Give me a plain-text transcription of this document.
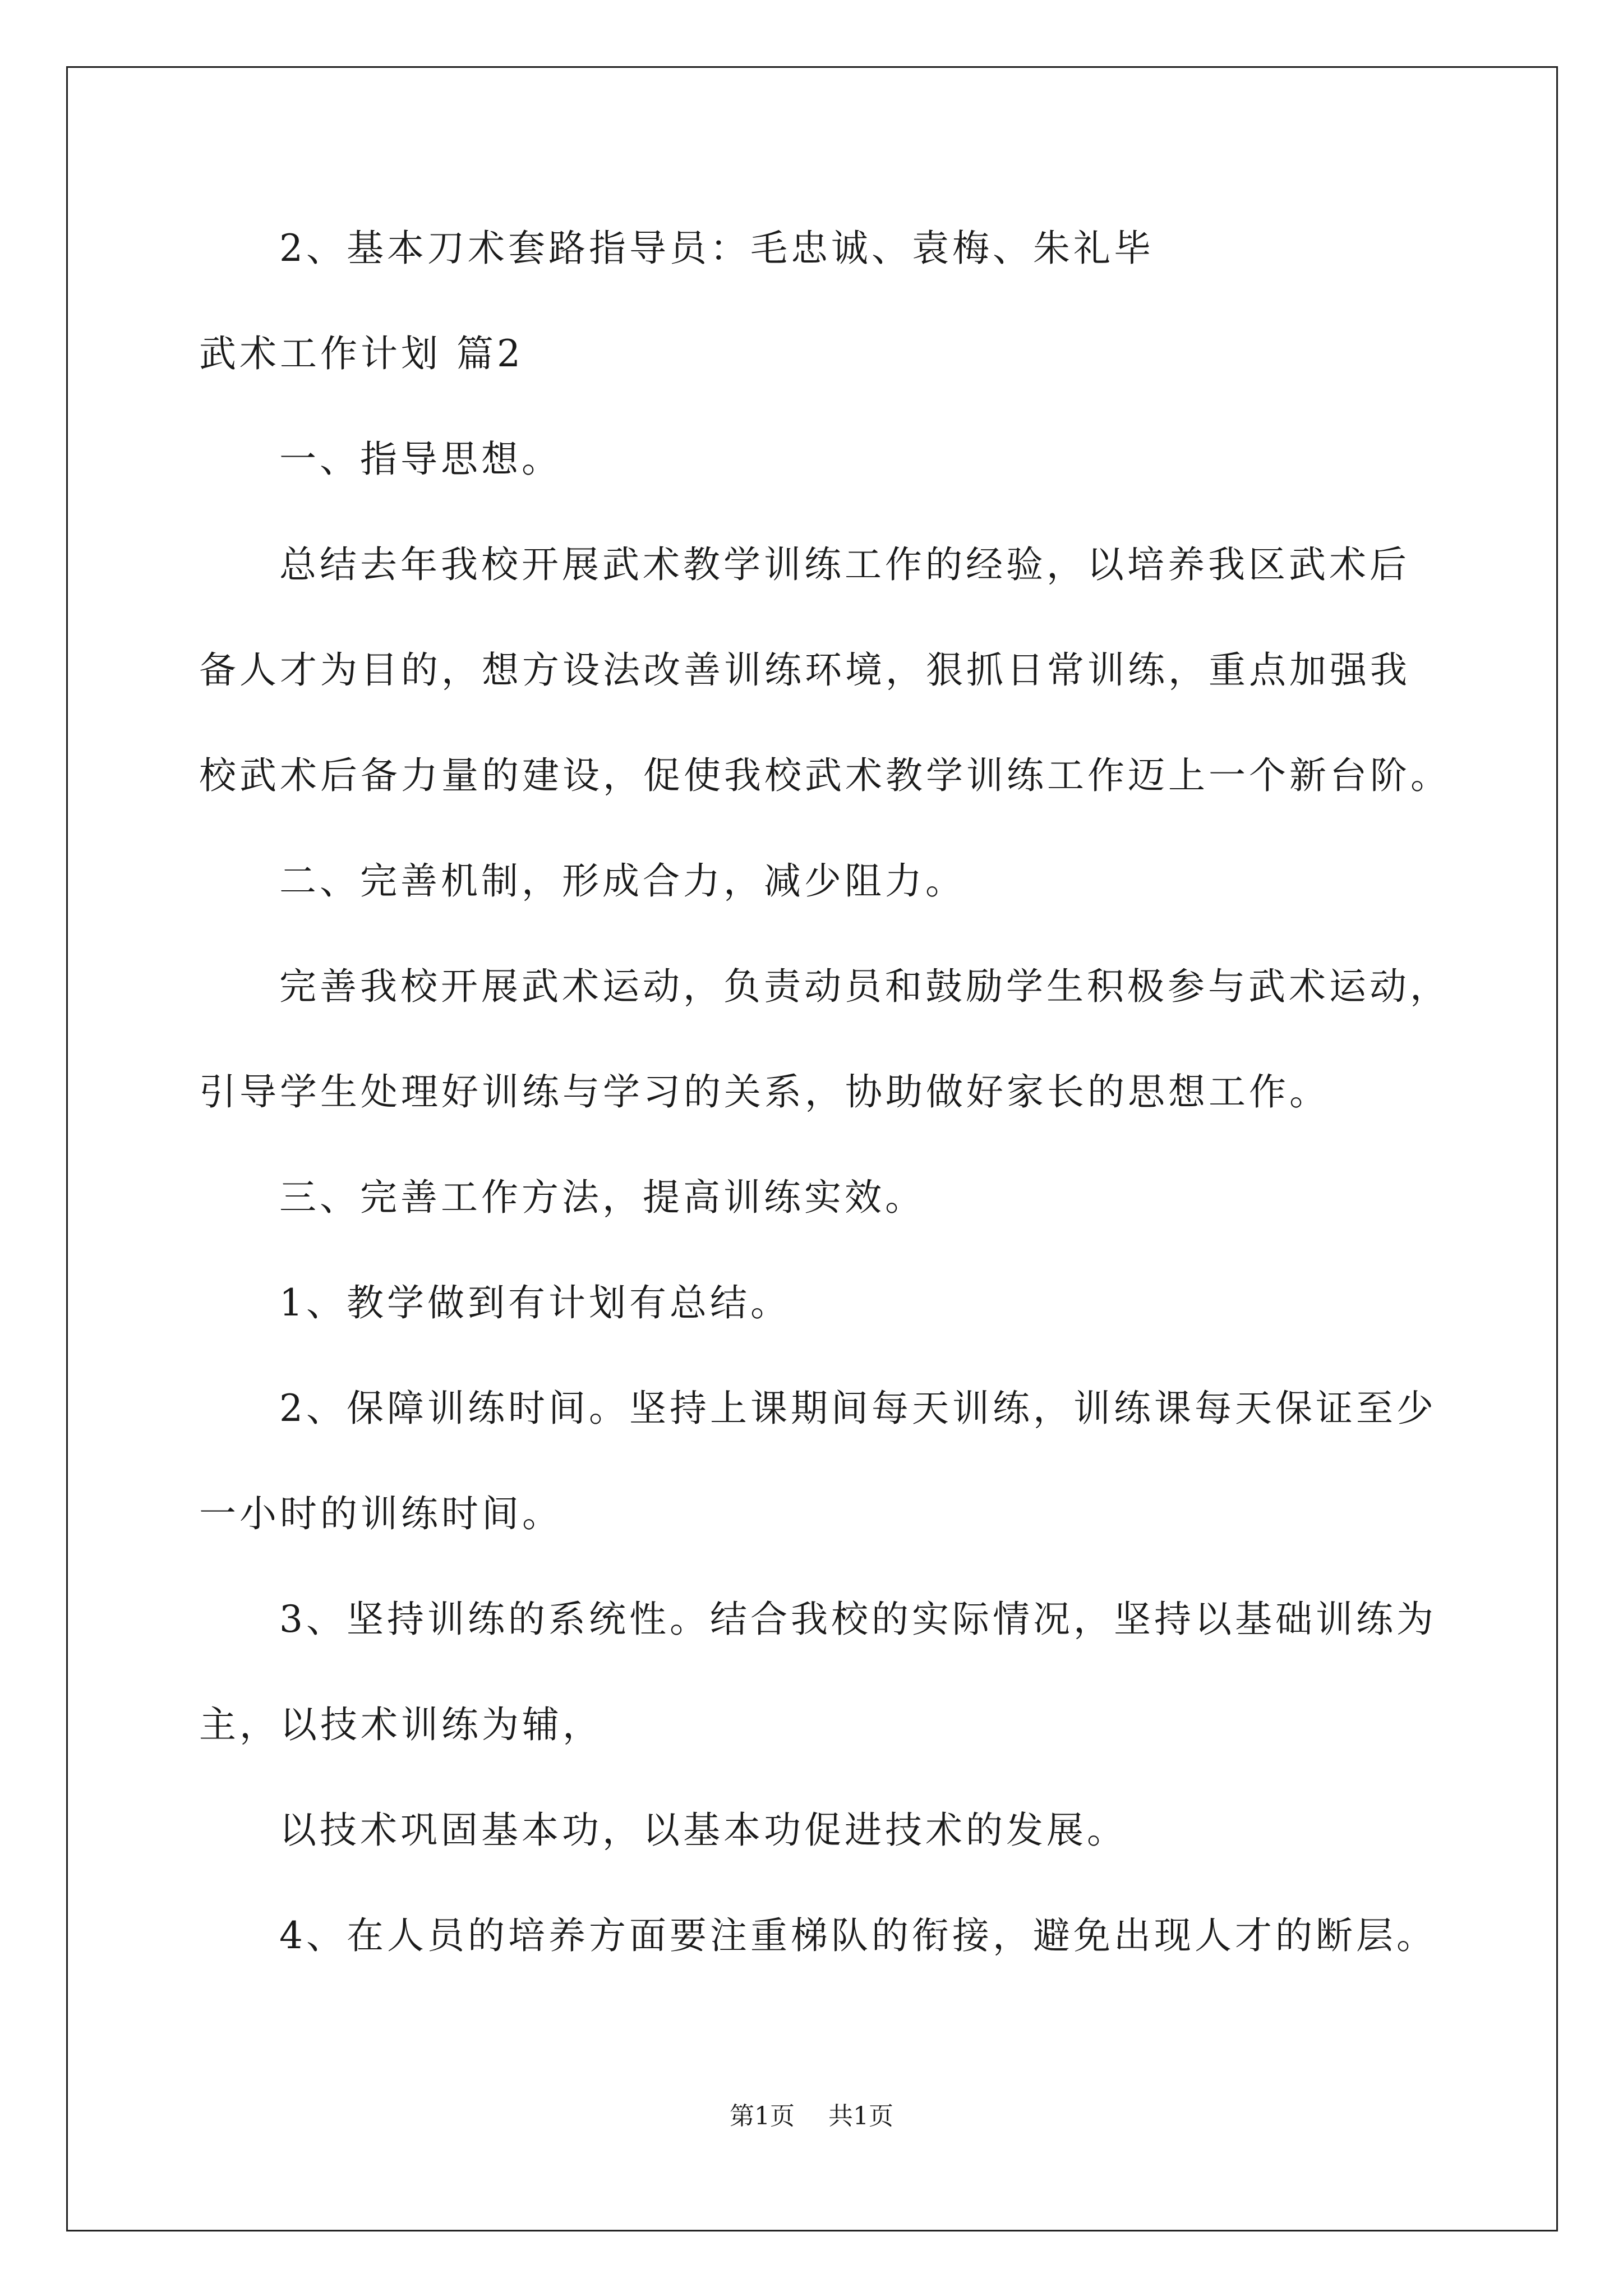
2、基本刀术套路指导员：毛忠诚、袁梅、朱礼毕

武术工作计划 篇2

一、指导思想。

总结去年我校开展武术教学训练工作的经验，以培养我区武术后

备人才为目的，想方设法改善训练环境，狠抓日常训练，重点加强我

校武术后备力量的建设，促使我校武术教学训练工作迈上一个新台阶。

二、完善机制，形成合力，减少阻力。

完善我校开展武术运动，负责动员和鼓励学生积极参与武术运动，

引导学生处理好训练与学习的关系，协助做好家长的思想工作。

三、完善工作方法，提高训练实效。

1、教学做到有计划有总结。

2、保障训练时间。坚持上课期间每天训练，训练课每天保证至少

一小时的训练时间。

3、坚持训练的系统性。结合我校的实际情况，坚持以基础训练为

主，以技术训练为辅，

以技术巩固基本功，以基本功促进技术的发展。

4、在人员的培养方面要注重梯队的衔接，避免出现人才的断层。

第1页 共1页
